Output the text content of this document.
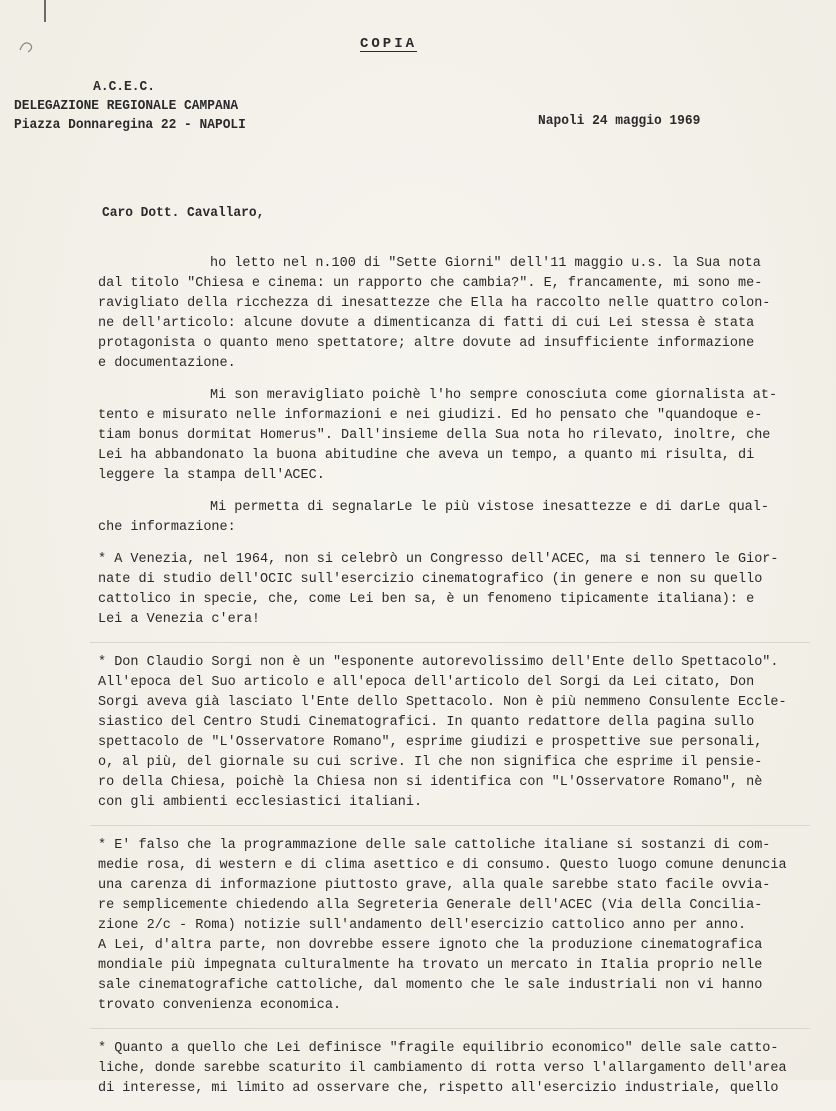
COPIA
A.C.E.C.
DELEGAZIONE REGIONALE CAMPANA
Piazza Donnaregina 22 - NAPOLI	Napoli 24 maggio 1969
Caro Dott. Cavallaro,
ho letto nel n.100 di "Sette Giorni" dell'11 maggio u.s. la Sua nota
dal titolo "Chiesa e cinema: un rapporto che cambia?". E, francamente, mi sono me-
ravigliato della ricchezza di inesattezze che Ella ha raccolto nelle quattro colon-
ne dell'articolo: alcune dovute a dimenticanza di fatti di cui Lei stessa è stata
protagonista o quanto meno spettatore; altre dovute ad insufficiente informazione
e documentazione.
Mi son meravigliato poichè l'ho sempre conosciuta come giornalista at-
tento e misurato nelle informazioni e nei giudizi. Ed ho pensato che "quandoque e-
tiam bonus dormitat Homerus". Dall'insieme della Sua nota ho rilevato, inoltre, che
Lei ha abbandonato la buona abitudine che aveva un tempo, a quanto mi risulta, di
leggere la stampa dell'ACEC.
Mi permetta di segnalarLe le più vistose inesattezze e di darLe qual-
che informazione:
* A Venezia, nel 1964, non si celebrò un Congresso dell'ACEC, ma si tennero le Gior-
nate di studio dell'OCIC sull'esercizio cinematografico (in genere e non su quello
cattolico in specie, che, come Lei ben sa, è un fenomeno tipicamente italiana): e
Lei a Venezia c'era!
* Don Claudio Sorgi non è un "esponente autorevolissimo dell'Ente dello Spettacolo".
All'epoca del Suo articolo e all'epoca dell'articolo del Sorgi da Lei citato, Don
Sorgi aveva già lasciato l'Ente dello Spettacolo. Non è più nemmeno Consulente Eccle-
siastico del Centro Studi Cinematografici. In quanto redattore della pagina sullo
spettacolo de "L'Osservatore Romano", esprime giudizi e prospettive sue personali,
o, al più, del giornale su cui scrive. Il che non significa che esprime il pensie-
ro della Chiesa, poichè la Chiesa non si identifica con "L'Osservatore Romano", nè
con gli ambienti ecclesiastici italiani.
* E' falso che la programmazione delle sale cattoliche italiane si sostanzi di com-
medie rosa, di western e di clima asettico e di consumo. Questo luogo comune denuncia
una carenza di informazione piuttosto grave, alla quale sarebbe stato facile ovvia-
re semplicemente chiedendo alla Segreteria Generale dell'ACEC (Via della Concilia-
zione 2/c - Roma) notizie sull'andamento dell'esercizio cattolico anno per anno.
A Lei, d'altra parte, non dovrebbe essere ignoto che la produzione cinematografica
mondiale più impegnata culturalmente ha trovato un mercato in Italia proprio nelle
sale cinematografiche cattoliche, dal momento che le sale industriali non vi hanno
trovato convenienza economica.
* Quanto a quello che Lei definisce "fragile equilibrio economico" delle sale catto-
liche, donde sarebbe scaturito il cambiamento di rotta verso l'allargamento dell'area
di interesse, mi limito ad osservare che, rispetto all'esercizio industriale, quello
